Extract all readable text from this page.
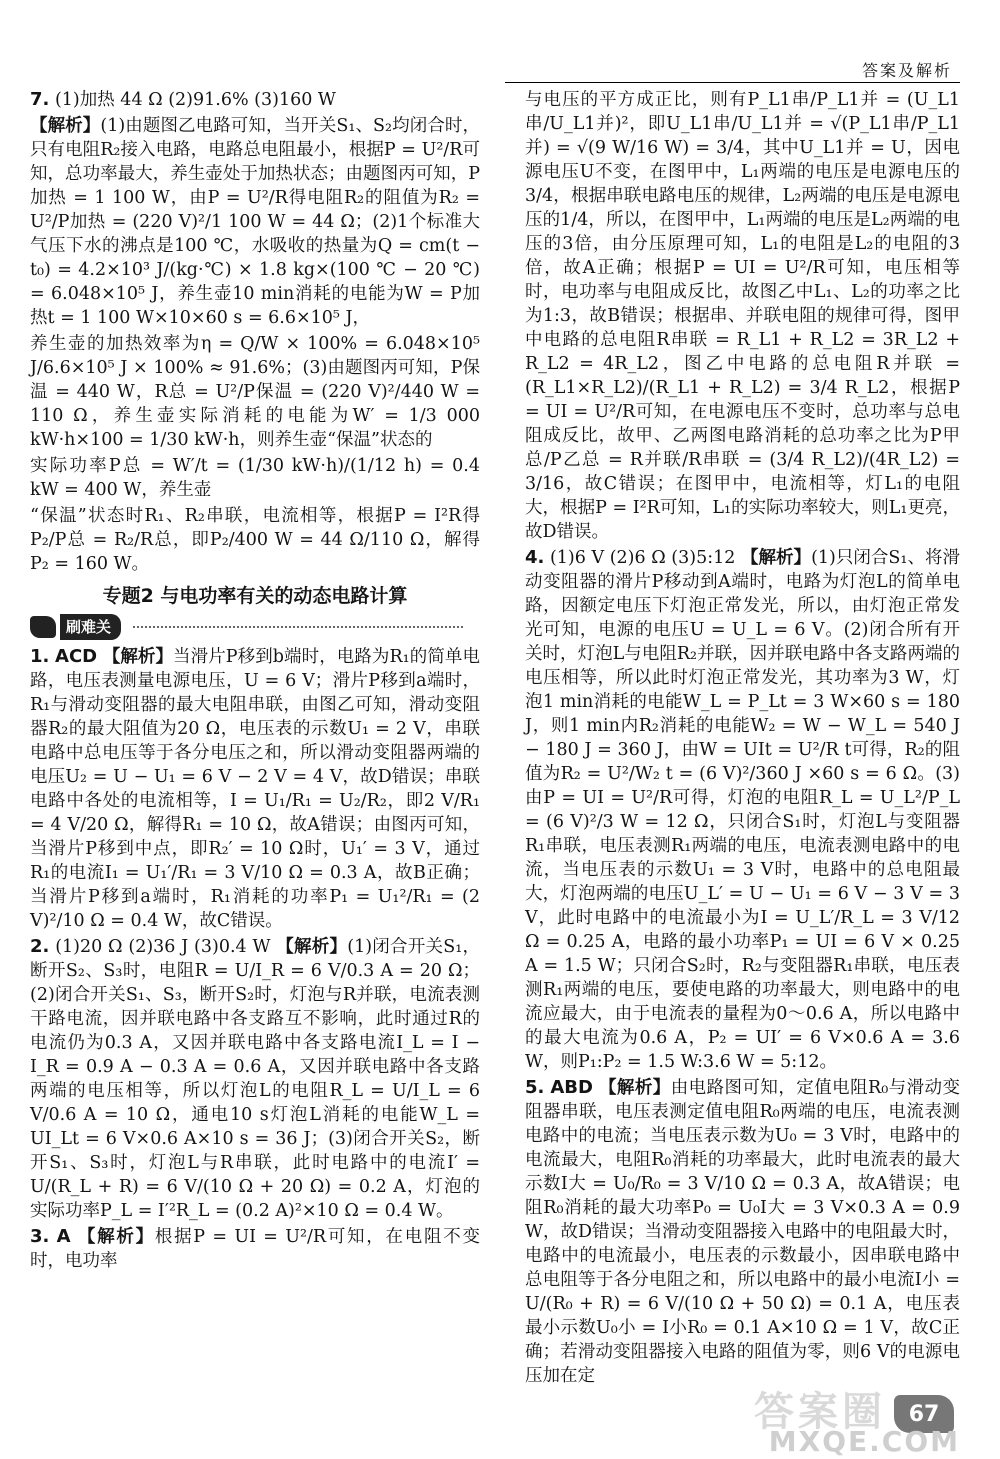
答案及解析

7. (1)加热 44 Ω (2)91.6% (3)160 W

【解析】(1)由题图乙电路可知，当开关S₁、S₂均闭合时，只有电阻R₂接入电路，电路总电阻最小，根据P = U²/R可知，总功率最大，养生壶处于加热状态；由题图丙可知，P加热 = 1 100 W，由P = U²/R得电阻R₂的阻值为R₂ = U²/P加热 = (220 V)²/1 100 W = 44 Ω；(2)1个标准大气压下水的沸点是100 ℃，水吸收的热量为Q = cm(t − t₀) = 4.2×10³ J/(kg·℃) × 1.8 kg×(100 ℃ − 20 ℃) = 6.048×10⁵ J，养生壶10 min消耗的电能为W = P加热t = 1 100 W×10×60 s = 6.6×10⁵ J，

养生壶的加热效率为η = Q/W × 100% = 6.048×10⁵ J/6.6×10⁵ J × 100% ≈ 91.6%；(3)由题图丙可知，P保温 = 440 W，R总 = U²/P保温 = (220 V)²/440 W = 110 Ω，养生壶实际消耗的电能为W′ = 1/3 000 kW·h×100 = 1/30 kW·h，则养生壶“保温”状态的

实际功率P总 = W′/t = (1/30 kW·h)/(1/12 h) = 0.4 kW = 400 W，养生壶

“保温”状态时R₁、R₂串联，电流相等，根据P = I²R得P₂/P总 = R₂/R总，即P₂/400 W = 44 Ω/110 Ω，解得P₂ = 160 W。

专题2 与电功率有关的动态电路计算
刷难关

1. ACD 【解析】当滑片P移到b端时，电路为R₁的简单电路，电压表测量电源电压，U = 6 V；滑片P移到a端时，R₁与滑动变阻器的最大电阻串联，由图乙可知，滑动变阻器R₂的最大阻值为20 Ω，电压表的示数U₁ = 2 V，串联电路中总电压等于各分电压之和，所以滑动变阻器两端的电压U₂ = U − U₁ = 6 V − 2 V = 4 V，故D错误；串联电路中各处的电流相等，I = U₁/R₁ = U₂/R₂，即2 V/R₁ = 4 V/20 Ω，解得R₁ = 10 Ω，故A错误；由图丙可知，当滑片P移到中点，即R₂′ = 10 Ω时，U₁′ = 3 V，通过R₁的电流I₁ = U₁′/R₁ = 3 V/10 Ω = 0.3 A，故B正确；当滑片P移到a端时，R₁消耗的功率P₁ = U₁²/R₁ = (2 V)²/10 Ω = 0.4 W，故C错误。

2. (1)20 Ω (2)36 J (3)0.4 W 【解析】(1)闭合开关S₁，断开S₂、S₃时，电阻R = U/I_R = 6 V/0.3 A = 20 Ω；(2)闭合开关S₁、S₃，断开S₂时，灯泡与R并联，电流表测干路电流，因并联电路中各支路互不影响，此时通过R的电流仍为0.3 A，又因并联电路中各支路电流I_L = I − I_R = 0.9 A − 0.3 A = 0.6 A，又因并联电路中各支路两端的电压相等，所以灯泡L的电阻R_L = U/I_L = 6 V/0.6 A = 10 Ω，通电10 s灯泡L消耗的电能W_L = UI_Lt = 6 V×0.6 A×10 s = 36 J；(3)闭合开关S₂，断开S₁、S₃时，灯泡L与R串联，此时电路中的电流I′ = U/(R_L + R) = 6 V/(10 Ω + 20 Ω) = 0.2 A，灯泡的实际功率P_L = I′²R_L = (0.2 A)²×10 Ω = 0.4 W。

3. A 【解析】根据P = UI = U²/R可知，在电阻不变时，电功率

与电压的平方成正比，则有P_L1串/P_L1并 = (U_L1串/U_L1并)²，即U_L1串/U_L1并 = √(P_L1串/P_L1并) = √(9 W/16 W) = 3/4，其中U_L1并 = U，因电源电压U不变，在图甲中，L₁两端的电压是电源电压的3/4，根据串联电路电压的规律，L₂两端的电压是电源电压的1/4，所以，在图甲中，L₁两端的电压是L₂两端的电压的3倍，由分压原理可知，L₁的电阻是L₂的电阻的3倍，故A正确；根据P = UI = U²/R可知，电压相等时，电功率与电阻成反比，故图乙中L₁、L₂的功率之比为1:3，故B错误；根据串、并联电阻的规律可得，图甲中电路的总电阻R串联 = R_L1 + R_L2 = 3R_L2 + R_L2 = 4R_L2，图乙中电路的总电阻R并联 = (R_L1×R_L2)/(R_L1 + R_L2) = 3/4 R_L2，根据P = UI = U²/R可知，在电源电压不变时，总功率与总电阻成反比，故甲、乙两图电路消耗的总功率之比为P甲总/P乙总 = R并联/R串联 = (3/4 R_L2)/(4R_L2) = 3/16，故C错误；在图甲中，电流相等，灯L₁的电阻大，根据P = I²R可知，L₁的实际功率较大，则L₁更亮，故D错误。

4. (1)6 V (2)6 Ω (3)5:12 【解析】(1)只闭合S₁、将滑动变阻器的滑片P移动到A端时，电路为灯泡L的简单电路，因额定电压下灯泡正常发光，所以，由灯泡正常发光可知，电源的电压U = U_L = 6 V。(2)闭合所有开关时，灯泡L与电阻R₂并联，因并联电路中各支路两端的电压相等，所以此时灯泡正常发光，其功率为3 W，灯泡1 min消耗的电能W_L = P_Lt = 3 W×60 s = 180 J，则1 min内R₂消耗的电能W₂ = W − W_L = 540 J − 180 J = 360 J，由W = UIt = U²/R t可得，R₂的阻值为R₂ = U²/W₂ t = (6 V)²/360 J ×60 s = 6 Ω。(3)由P = UI = U²/R可得，灯泡的电阻R_L = U_L²/P_L = (6 V)²/3 W = 12 Ω，只闭合S₁时，灯泡L与变阻器R₁串联，电压表测R₁两端的电压，电流表测电路中的电流，当电压表的示数U₁ = 3 V时，电路中的总电阻最大，灯泡两端的电压U_L′ = U − U₁ = 6 V − 3 V = 3 V，此时电路中的电流最小为I = U_L′/R_L = 3 V/12 Ω = 0.25 A，电路的最小功率P₁ = UI = 6 V × 0.25 A = 1.5 W；只闭合S₂时，R₂与变阻器R₁串联，电压表测R₁两端的电压，要使电路的功率最大，则电路中的电流应最大，由于电流表的量程为0～0.6 A，所以电路中的最大电流为0.6 A，P₂ = UI′ = 6 V×0.6 A = 3.6 W，则P₁:P₂ = 1.5 W:3.6 W = 5:12。

5. ABD 【解析】由电路图可知，定值电阻R₀与滑动变阻器串联，电压表测定值电阻R₀两端的电压，电流表测电路中的电流；当电压表示数为U₀ = 3 V时，电路中的电流最大，电阻R₀消耗的功率最大，此时电流表的最大示数I大 = U₀/R₀ = 3 V/10 Ω = 0.3 A，故A错误；电阻R₀消耗的最大功率P₀ = U₀I大 = 3 V×0.3 A = 0.9 W，故D错误；当滑动变阻器接入电路中的电阻最大时，电路中的电流最小，电压表的示数最小，因串联电路中总电阻等于各分电阻之和，所以电路中的最小电流I小 = U/(R₀ + R) = 6 V/(10 Ω + 50 Ω) = 0.1 A，电压表最小示数U₀小 = I小R₀ = 0.1 A×10 Ω = 1 V，故C正确；若滑动变阻器接入电路的阻值为零，则6 V的电源电压加在定

答案圈	67
MXQE.COM
